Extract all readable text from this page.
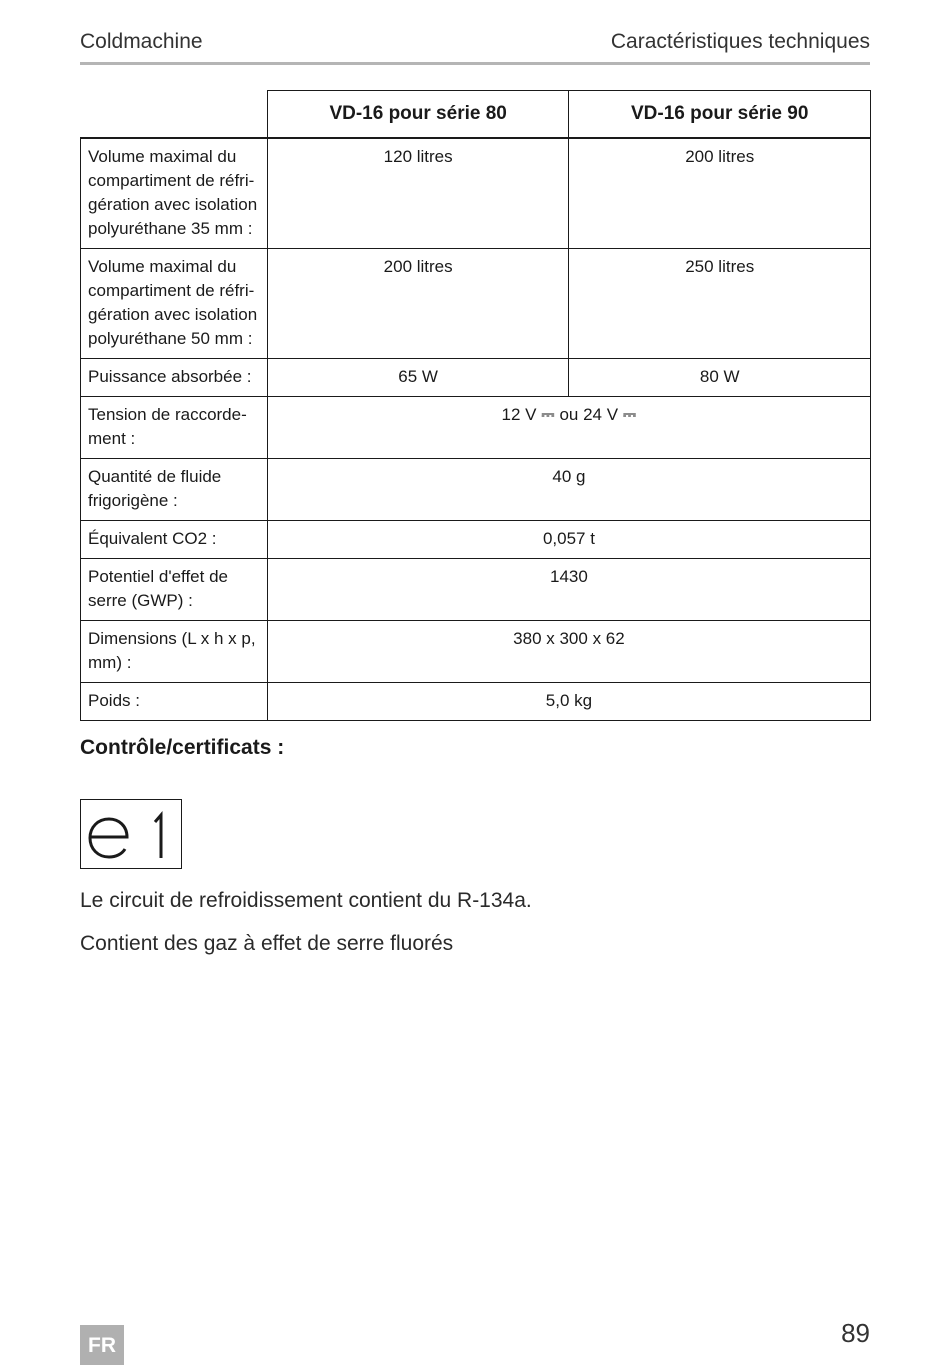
Coldmachine	Caractéristiques techniques
	VD-16 pour série 80	VD-16 pour série 90
Volume maximal du compartiment de réfri-gération avec isolation polyuréthane 35 mm :	120 litres	200 litres
Volume maximal du compartiment de réfri-gération avec isolation polyuréthane 50 mm :	200 litres	250 litres
Puissance absorbée :	65 W	80 W
Tension de raccorde-ment :	12 V ⎓ ou 24 V ⎓	
Quantité de fluide frigorigène :	40 g	
Équivalent CO2 :	0,057 t	
Potentiel d'effet de serre (GWP) :	1430	
Dimensions (L x h x p, mm) :	380 x 300 x 62	
Poids :	5,0 kg	
Contrôle/certificats :
Le circuit de refroidissement contient du R-134a.
Contient des gaz à effet de serre fluorés
FR	89
